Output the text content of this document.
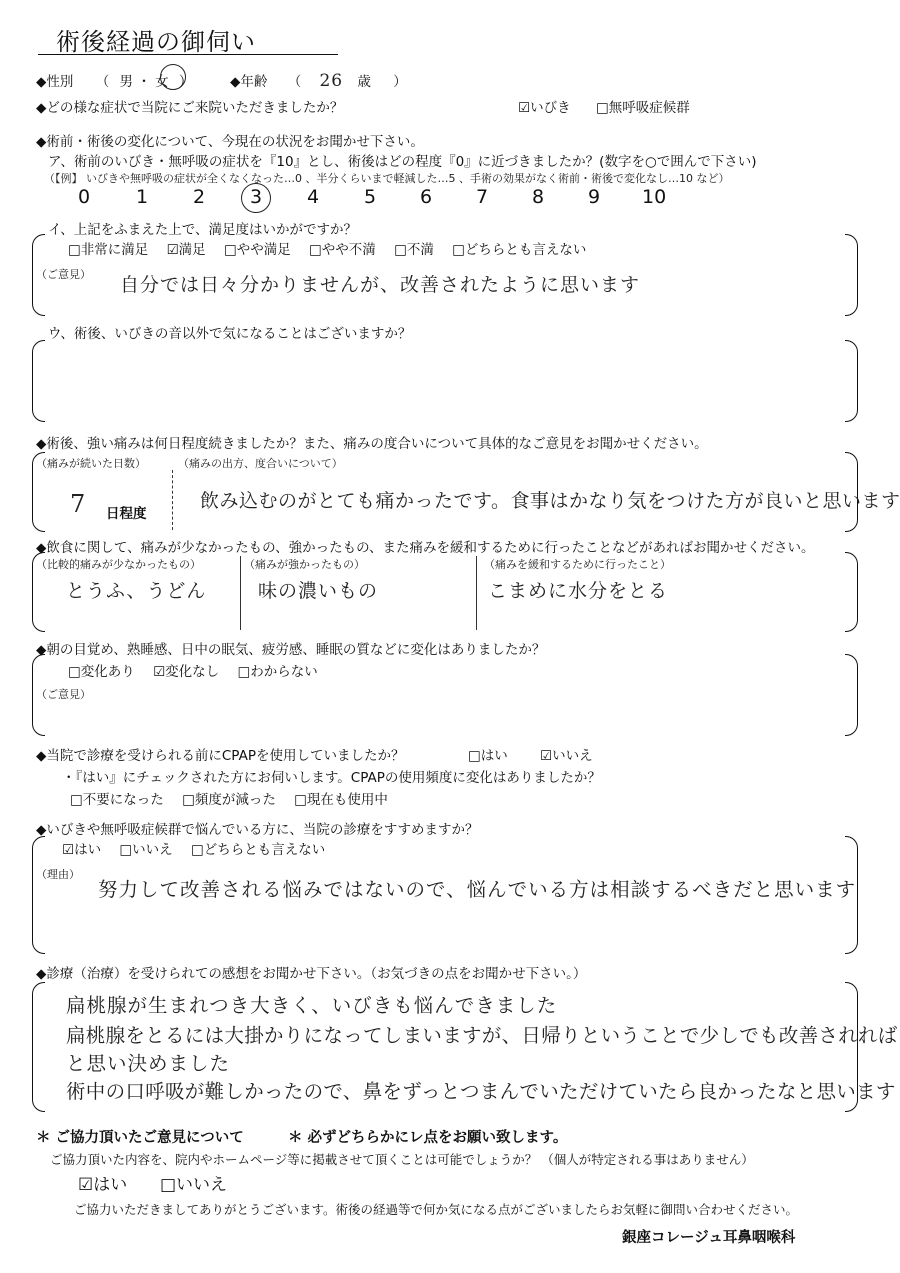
術後経過の御伺い
◆性別 （ 男 ・ 女 ）	◆年齢 （ 26 歳 ）
◆どの様な症状で当院にご来院いただきましたか？	☑いびき □無呼吸症候群
◆術前・術後の変化について、今現在の状況をお聞かせ下さい。
ア、術前のいびき・無呼吸の症状を『10』とし、術後はどの程度『0』に近づきましたか？(数字を○で囲んで下さい)
（【例】 いびきや無呼吸の症状が全くなくなった…0 、半分くらいまで軽減した…5 、手術の効果がなく術前・術後で変化なし…10 など）
0 1 2 3 4 5 6 7 8 9 10
イ、上記をふまえた上で、満足度はいかがですか？
□非常に満足 ☑満足 □やや満足 □やや不満 □不満 □どちらとも言えない
（ご意見） 自分では日々分かりませんが、改善されたように思います
ウ、術後、いびきの音以外で気になることはございますか？
◆術後、強い痛みは何日程度続きましたか？また、痛みの度合いについて具体的なご意見をお聞かせください。
（痛みが続いた日数）	（痛みの出方、度合いについて）
7 日程度
飲み込むのがとても痛かったです。食事はかなり気をつけた方が良いと思います
◆飲食に関して、痛みが少なかったもの、強かったもの、また痛みを緩和するために行ったことなどがあればお聞かせください。
（比較的痛みが少なかったもの）	（痛みが強かったもの）	（痛みを緩和するために行ったこと）
とうふ、うどん	味の濃いもの	こまめに水分をとる
◆朝の目覚め、熟睡感、日中の眠気、疲労感、睡眠の質などに変化はありましたか？
□変化あり ☑変化なし □わからない
（ご意見）
◆当院で診療を受けられる前にCPAPを使用していましたか？	□はい ☑いいえ
・『はい』にチェックされた方にお伺いします。CPAPの使用頻度に変化はありましたか？
□不要になった □頻度が減った □現在も使用中
◆いびきや無呼吸症候群で悩んでいる方に、当院の診療をすすめますか？
☑はい □いいえ □どちらとも言えない
（理由）
努力して改善される悩みではないので、悩んでいる方は相談するべきだと思います
◆診療（治療）を受けられての感想をお聞かせ下さい。（お気づきの点をお聞かせ下さい。）
扁桃腺が生まれつき大きく、いびきも悩んできました
扁桃腺をとるには大掛かりになってしまいますが、日帰りということで少しでも改善されれば
と思い決めました
術中の口呼吸が難しかったので、鼻をずっとつまんでいただけていたら良かったなと思います
＊ ご協力頂いたご意見について	＊ 必ずどちらかにレ点をお願い致します。
ご協力頂いた内容を、院内やホームページ等に掲載させて頂くことは可能でしょうか？ （個人が特定される事はありません）
☑はい □いいえ
ご協力いただきましてありがとうございます。術後の経過等で何か気になる点がございましたらお気軽に御問い合わせください。
銀座コレージュ耳鼻咽喉科
